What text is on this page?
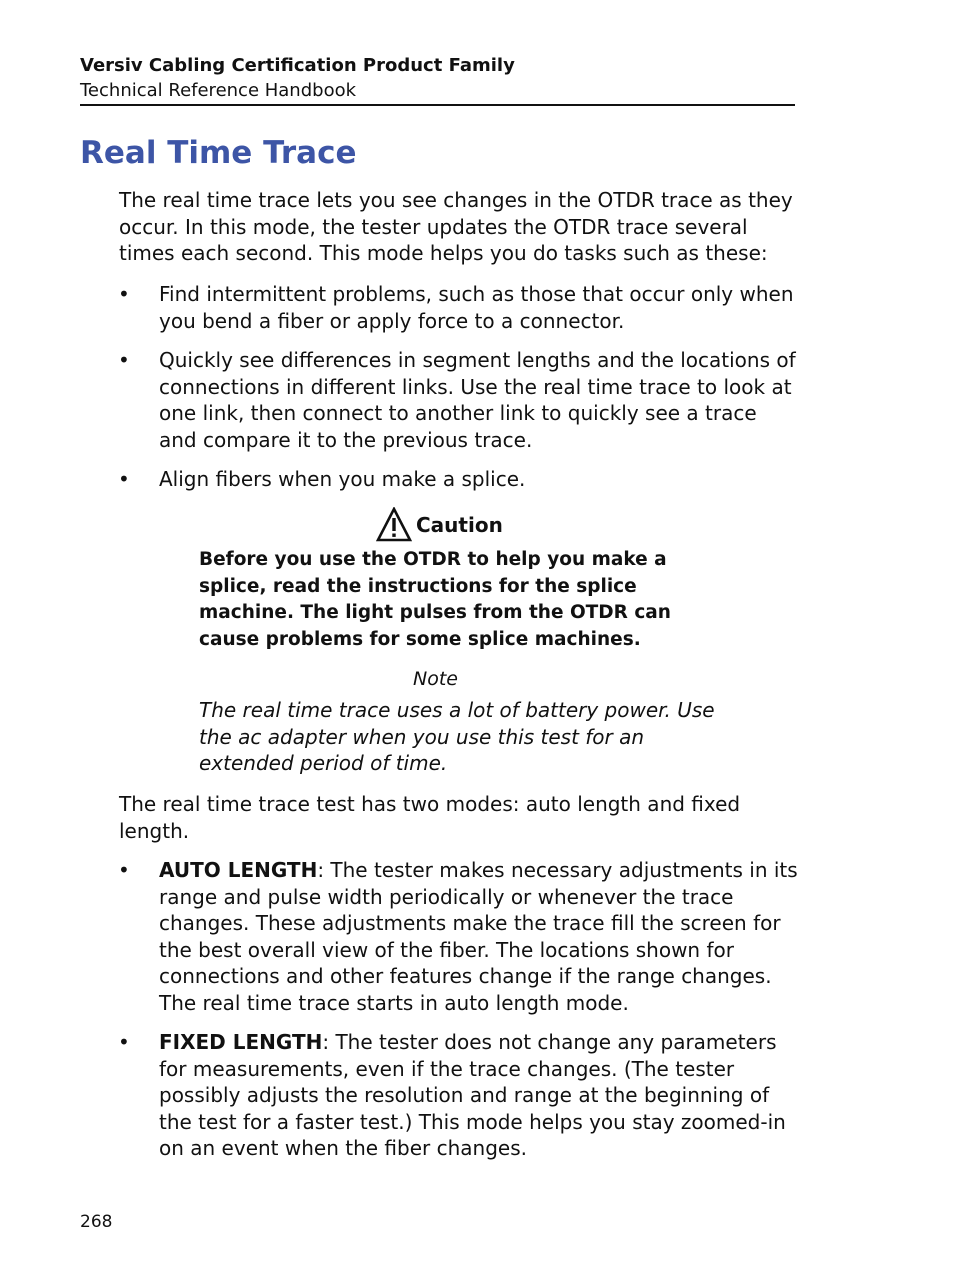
Versiv Cabling Certification Product Family
Technical Reference Handbook
Real Time Trace

The real time trace lets you see changes in the OTDR trace as they occur. In this mode, the tester updates the OTDR trace several times each second. This mode helps you do tasks such as these:

• Find intermittent problems, such as those that occur only when you bend a fiber or apply force to a connector.
• Quickly see differences in segment lengths and the locations of connections in different links. Use the real time trace to look at one link, then connect to another link to quickly see a trace and compare it to the previous trace.
• Align fibers when you make a splice.
Caution
Before you use the OTDR to help you make a splice, read the instructions for the splice machine. The light pulses from the OTDR can cause problems for some splice machines.
Note
The real time trace uses a lot of battery power. Use the ac adapter when you use this test for an extended period of time.

The real time trace test has two modes: auto length and fixed length.

• AUTO LENGTH: The tester makes necessary adjustments in its range and pulse width periodically or whenever the trace changes. These adjustments make the trace fill the screen for the best overall view of the fiber. The locations shown for connections and other features change if the range changes. The real time trace starts in auto length mode.
• FIXED LENGTH: The tester does not change any parameters for measurements, even if the trace changes. (The tester possibly adjusts the resolution and range at the beginning of the test for a faster test.) This mode helps you stay zoomed-in on an event when the fiber changes.
268
